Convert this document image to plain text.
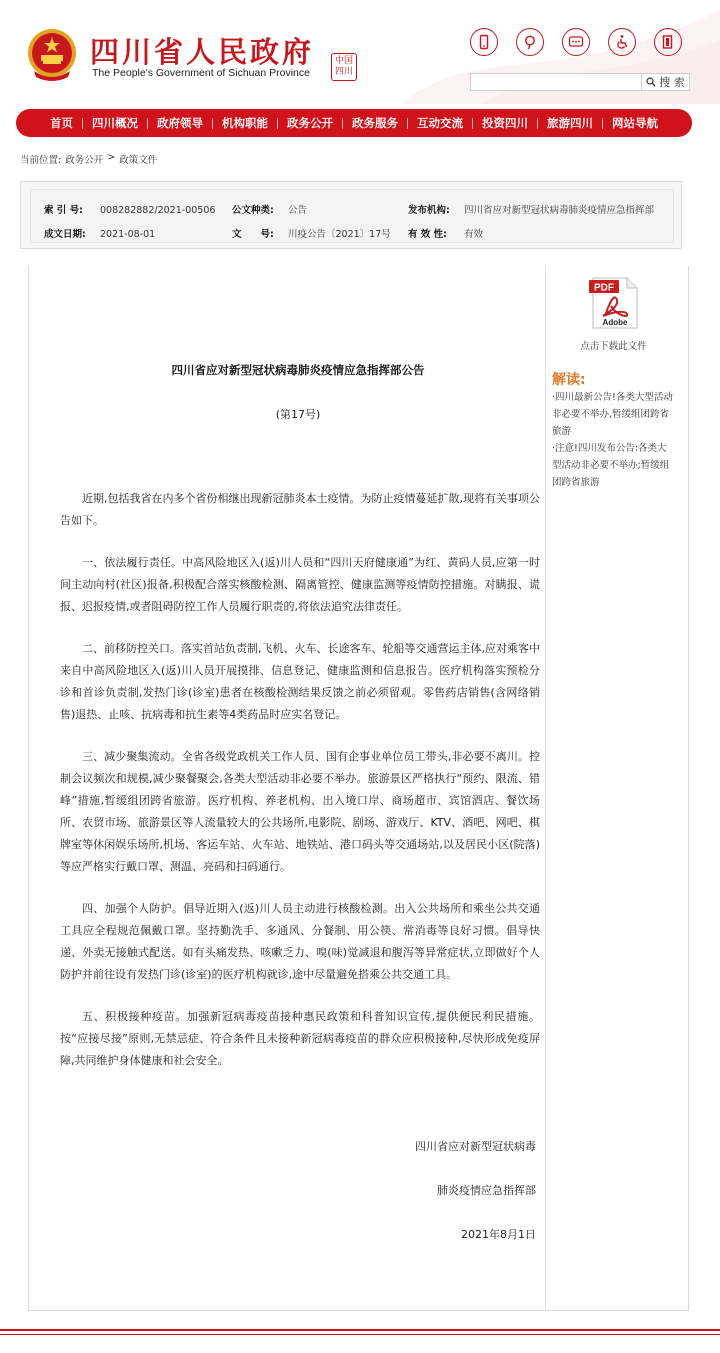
四川省人民政府
The People's Government of Sichuan Province
中国
四川
搜 索
首页	四川概况	政府领导	机构职能	政务公开	政务服务	互动交流	投资四川	旅游四川	网站导航
当前位置: 政务公开 > 政策文件
索 引 号: 008282882/2021-00506 公文种类: 公告	发布机构: 四川省应对新型冠状病毒肺炎疫情应急指挥部
成文日期: 2021-08-01	文　　号: 川疫公告〔2021〕17号 有 效 性: 有效
四川省应对新型冠状病毒肺炎疫情应急指挥部公告
(第17号)

近期,包括我省在内多个省份相继出现新冠肺炎本土疫情。为防止疫情蔓延扩散,现将有关事项公告如下。

一、依法履行责任。中高风险地区入(返)川人员和“四川天府健康通”为红、黄码人员,应第一时间主动向村(社区)报备,积极配合落实核酸检测、隔离管控、健康监测等疫情防控措施。对瞒报、谎报、迟报疫情,或者阻碍防控工作人员履行职责的,将依法追究法律责任。

二、前移防控关口。落实首站负责制,飞机、火车、长途客车、轮船等交通营运主体,应对乘客中来自中高风险地区入(返)川人员开展摸排、信息登记、健康监测和信息报告。医疗机构落实预检分诊和首诊负责制,发热门诊(诊室)患者在核酸检测结果反馈之前必须留观。零售药店销售(含网络销售)退热、止咳、抗病毒和抗生素等4类药品时应实名登记。

三、减少聚集流动。全省各级党政机关工作人员、国有企事业单位员工带头,非必要不离川。控制会议频次和规模,减少聚餐聚会,各类大型活动非必要不举办。旅游景区严格执行“预约、限流、错峰”措施,暂缓组团跨省旅游。医疗机构、养老机构、出入境口岸、商场超市、宾馆酒店、餐饮场所、农贸市场、旅游景区等人流量较大的公共场所,电影院、剧场、游戏厅、KTV、酒吧、网吧、棋牌室等休闲娱乐场所,机场、客运车站、火车站、地铁站、港口码头等交通场站,以及居民小区(院落)等应严格实行戴口罩、测温、亮码和扫码通行。

四、加强个人防护。倡导近期入(返)川人员主动进行核酸检测。出入公共场所和乘坐公共交通工具应全程规范佩戴口罩。坚持勤洗手、多通风、分餐制、用公筷、常消毒等良好习惯。倡导快递、外卖无接触式配送。如有头痛发热、咳嗽乏力、嗅(味)觉减退和腹泻等异常症状,立即做好个人防护并前往设有发热门诊(诊室)的医疗机构就诊,途中尽量避免搭乘公共交通工具。

五、积极接种疫苗。加强新冠病毒疫苗接种惠民政策和科普知识宣传,提供便民利民措施。按“应接尽接”原则,无禁忌症、符合条件且未接种新冠病毒疫苗的群众应积极接种,尽快形成免疫屏障,共同维护身体健康和社会安全。

四川省应对新型冠状病毒
肺炎疫情应急指挥部
2021年8月1日
PDF
Adobe
点击下载此文件
解读:
·四川最新公告!各类大型活动非必要不举办,暂缓组团跨省旅游
·注意!四川发布公告:各类大型活动非必要不举办;暂缓组团跨省旅游
